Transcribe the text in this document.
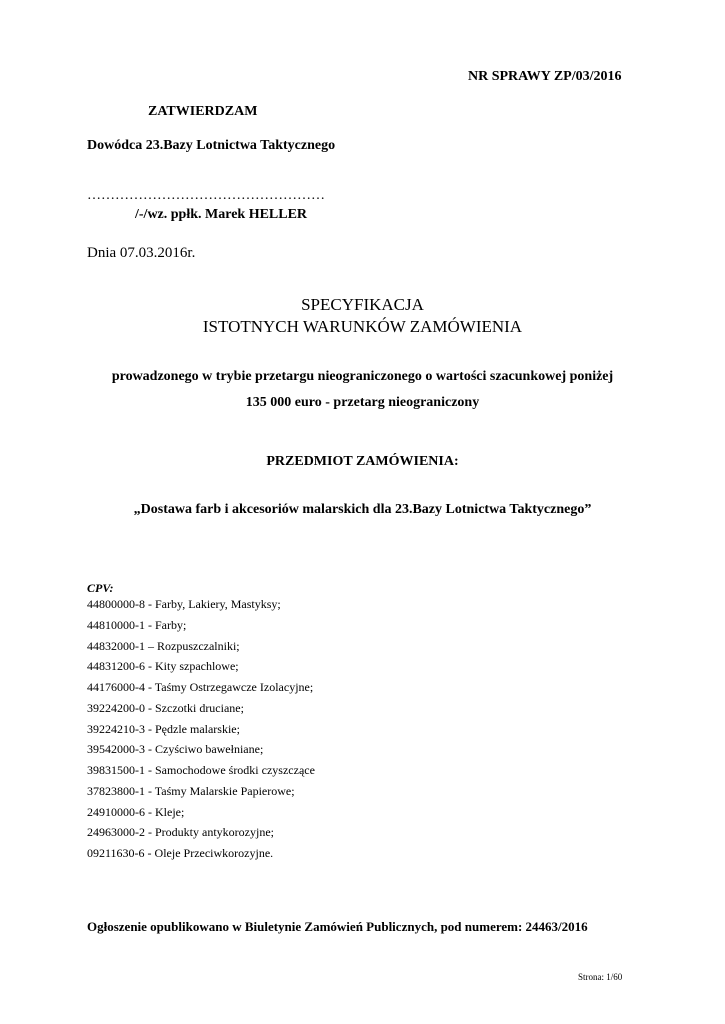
NR SPRAWY ZP/03/2016
ZATWIERDZAM
Dowódca 23.Bazy Lotnictwa Taktycznego
……………………………………………
/-/wz. ppłk. Marek HELLER
Dnia 07.03.2016r.
SPECYFIKACJA
ISTOTNYCH WARUNKÓW ZAMÓWIENIA
prowadzonego w trybie przetargu nieograniczonego o wartości szacunkowej poniżej
135 000 euro - przetarg nieograniczony
PRZEDMIOT ZAMÓWIENIA:
„Dostawa farb i akcesoriów malarskich dla 23.Bazy Lotnictwa Taktycznego”
CPV:
44800000-8 - Farby, Lakiery, Mastyksy;
44810000-1 - Farby;
44832000-1 – Rozpuszczalniki;
44831200-6 - Kity szpachlowe;
44176000-4 - Taśmy Ostrzegawcze Izolacyjne;
39224200-0 - Szczotki druciane;
39224210-3 - Pędzle malarskie;
39542000-3 - Czyściwo bawełniane;
39831500-1 - Samochodowe środki czyszczące
37823800-1 - Taśmy Malarskie Papierowe;
24910000-6 - Kleje;
24963000-2 - Produkty antykorozyjne;
09211630-6 - Oleje Przeciwkorozyjne.
Ogłoszenie opublikowano w Biuletynie Zamówień Publicznych, pod numerem: 24463/2016
Strona: 1/60
